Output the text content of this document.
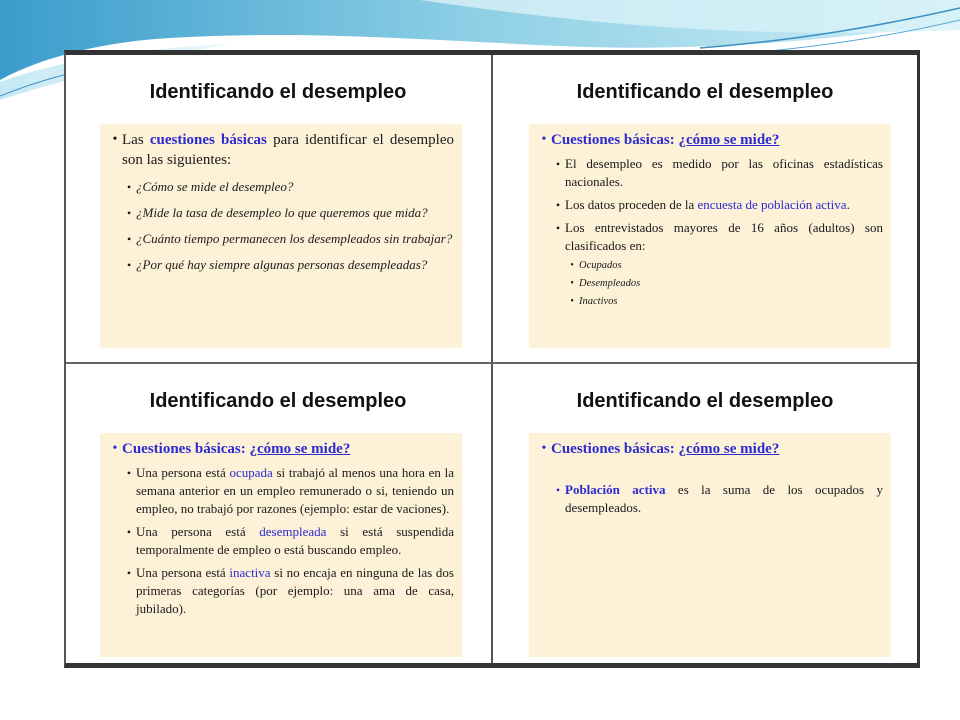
Identificando el desempleo
• Las cuestiones básicas para identificar el desempleo son las siguientes:
• ¿Cómo se mide el desempleo?
• ¿Mide la tasa de desempleo lo que queremos que mida?
• ¿Cuánto tiempo permanecen los desempleados sin trabajar?
• ¿Por qué hay siempre algunas personas desempleadas?
Identificando el desempleo
• Cuestiones básicas: ¿cómo se mide?
• El desempleo es medido por las oficinas estadísticas nacionales.
• Los datos proceden de la encuesta de población activa.
• Los entrevistados mayores de 16 años (adultos) son clasificados en:
• Ocupados
• Desempleados
• Inactivos
Identificando el desempleo
• Cuestiones básicas: ¿cómo se mide?
• Una persona está ocupada si trabajó al menos una hora en la semana anterior en un empleo remunerado o si, teniendo un empleo, no trabajó por razones (ejemplo: estar de vaciones).
• Una persona está desempleada si está suspendida temporalmente de empleo o está buscando empleo.
• Una persona está inactiva si no encaja en ninguna de las dos primeras categorías (por ejemplo: una ama de casa, jubilado).
Identificando el desempleo
• Cuestiones básicas: ¿cómo se mide?
• Población activa es la suma de los ocupados y desempleados.
